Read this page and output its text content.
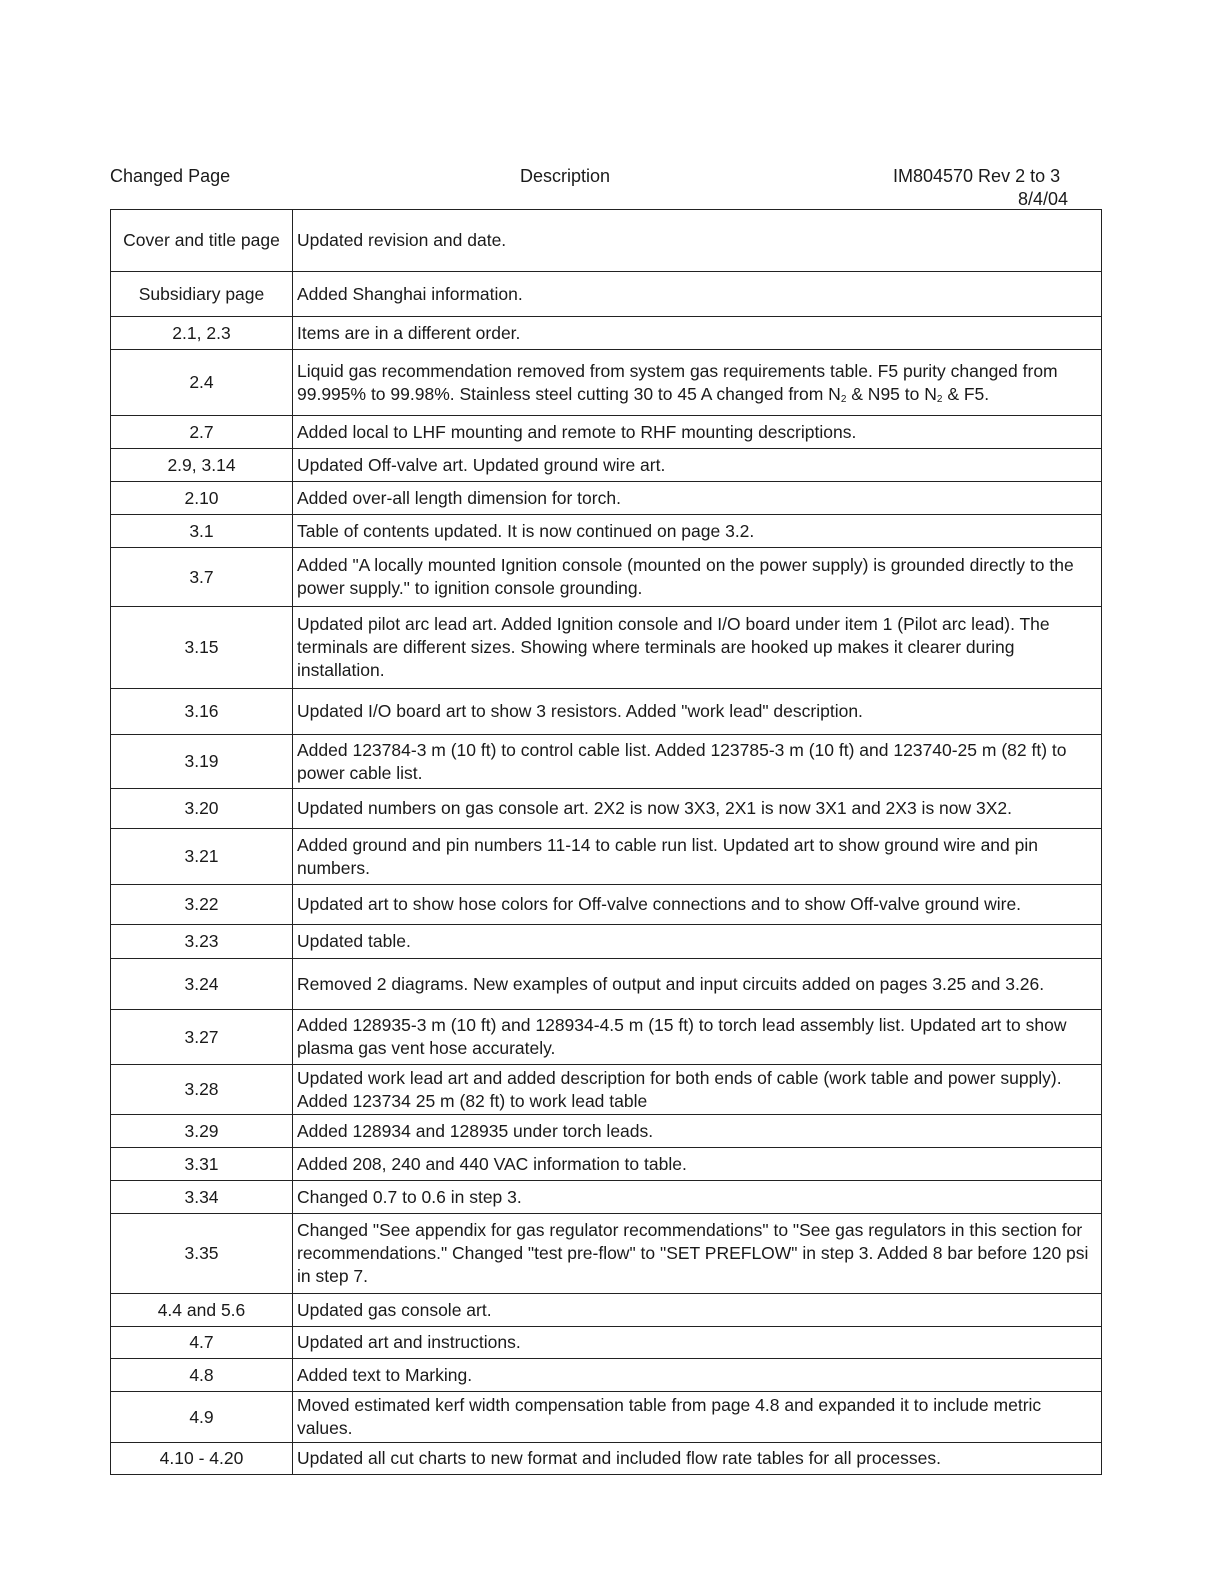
Changed Page	Description	IM804570 Rev 2 to 3
8/4/04
Cover and title page	Updated revision and date.
Subsidiary page	Added Shanghai information.
2.1, 2.3	Items are in a different order.
2.4	Liquid gas recommendation removed from system gas requirements table. F5 purity changed from 99.995% to 99.98%. Stainless steel cutting 30 to 45 A changed from $N_2$ & N95 to $N_2$ & F5.
2.7	Added local to LHF mounting and remote to RHF mounting descriptions.
2.9, 3.14	Updated Off-valve art. Updated ground wire art.
2.10	Added over-all length dimension for torch.
3.1	Table of contents updated. It is now continued on page 3.2.
3.7	Added "A locally mounted Ignition console (mounted on the power supply) is grounded directly to the power supply." to ignition console grounding.
3.15	Updated pilot arc lead art. Added Ignition console and I/O board under item 1 (Pilot arc lead). The terminals are different sizes. Showing where terminals are hooked up makes it clearer during installation.
3.16	Updated I/O board art to show 3 resistors. Added "work lead" description.
3.19	Added 123784-3 m (10 ft) to control cable list. Added 123785-3 m (10 ft) and 123740-25 m (82 ft) to power cable list.
3.20	Updated numbers on gas console art. 2X2 is now 3X3, 2X1 is now 3X1 and 2X3 is now 3X2.
3.21	Added ground and pin numbers 11-14 to cable run list. Updated art to show ground wire and pin numbers.
3.22	Updated art to show hose colors for Off-valve connections and to show Off-valve ground wire.
3.23	Updated table.
3.24	Removed 2 diagrams. New examples of output and input circuits added on pages 3.25 and 3.26.
3.27	Added 128935-3 m (10 ft) and 128934-4.5 m (15 ft) to torch lead assembly list. Updated art to show plasma gas vent hose accurately.
3.28	Updated work lead art and added description for both ends of cable (work table and power supply). Added 123734 25 m (82 ft) to work lead table
3.29	Added 128934 and 128935 under torch leads.
3.31	Added 208, 240 and 440 VAC information to table.
3.34	Changed 0.7 to 0.6 in step 3.
3.35	Changed "See appendix for gas regulator recommendations" to "See gas regulators in this section for recommendations." Changed "test pre-flow" to "SET PREFLOW" in step 3. Added 8 bar before 120 psi in step 7.
4.4 and 5.6	Updated gas console art.
4.7	Updated art and instructions.
4.8	Added text to Marking.
4.9	Moved estimated kerf width compensation table from page 4.8 and expanded it to include metric values.
4.10 - 4.20	Updated all cut charts to new format and included flow rate tables for all processes.
